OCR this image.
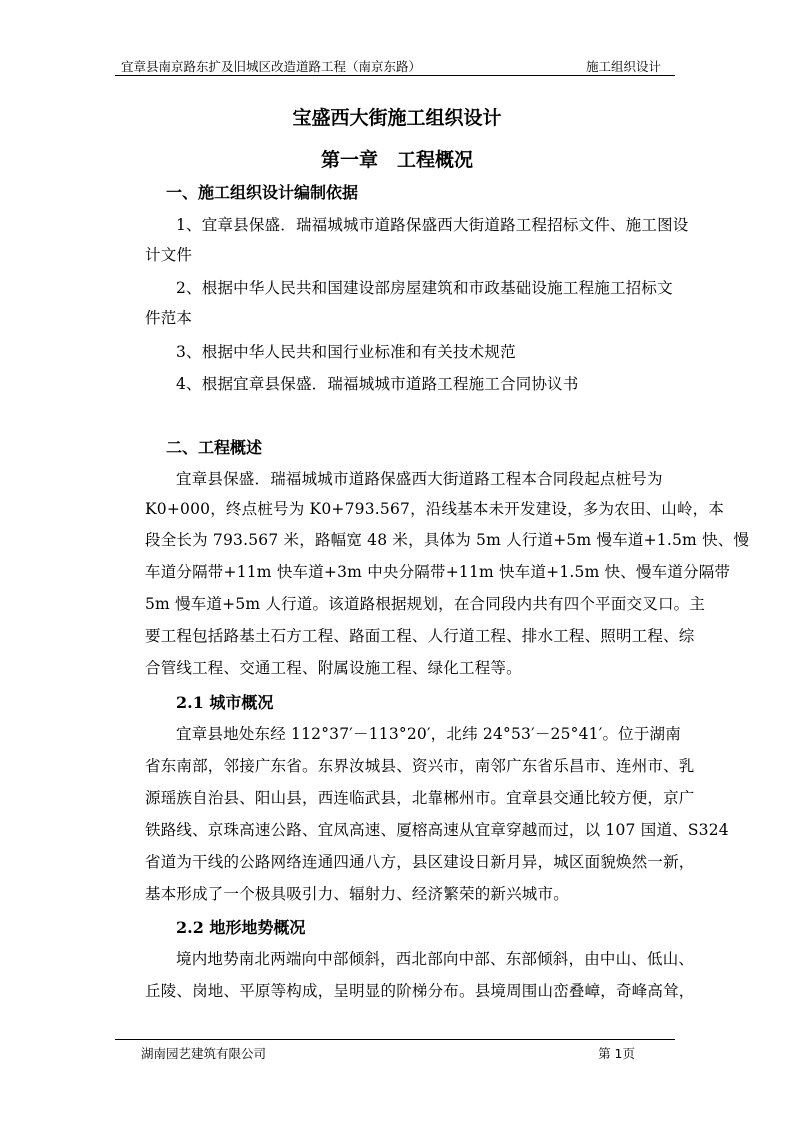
宜章县南京路东扩及旧城区改造道路工程（南京东路）	施工组织设计
宝盛西大街施工组织设计
第一章　工程概况
一、施工组织设计编制依据
1、宜章县保盛．瑞福城城市道路保盛西大街道路工程招标文件、施工图设
计文件
2、根据中华人民共和国建设部房屋建筑和市政基础设施工程施工招标文
件范本
3、根据中华人民共和国行业标准和有关技术规范
4、根据宜章县保盛．瑞福城城市道路工程施工合同协议书
二、工程概述
宜章县保盛．瑞福城城市道路保盛西大街道路工程本合同段起点桩号为
K0+000，终点桩号为 K0+793.567，沿线基本未开发建设，多为农田、山岭，本
段全长为 793.567 米，路幅宽 48 米，具体为 5m 人行道+5m 慢车道+1.5m 快、慢
车道分隔带+11m 快车道+3m 中央分隔带+11m 快车道+1.5m 快、慢车道分隔带
5m 慢车道+5m 人行道。该道路根据规划，在合同段内共有四个平面交叉口。主
要工程包括路基土石方工程、路面工程、人行道工程、排水工程、照明工程、综
合管线工程、交通工程、附属设施工程、绿化工程等。
2.1 城市概况
宜章县地处东经 112°37′－113°20′，北纬 24°53′－25°41′。位于湖南
省东南部，邻接广东省。东界汝城县、资兴市，南邻广东省乐昌市、连州市、乳
源瑶族自治县、阳山县，西连临武县，北靠郴州市。宜章县交通比较方便，京广
铁路线、京珠高速公路、宜凤高速、厦榕高速从宜章穿越而过，以 107 国道、S324
省道为干线的公路网络连通四通八方，县区建设日新月异，城区面貌焕然一新，
基本形成了一个极具吸引力、辐射力、经济繁荣的新兴城市。
2.2 地形地势概况
境内地势南北两端向中部倾斜，西北部向中部、东部倾斜，由中山、低山、
丘陵、岗地、平原等构成，呈明显的阶梯分布。县境周围山峦叠嶂，奇峰高耸，
湖南园艺建筑有限公司	第 1页
